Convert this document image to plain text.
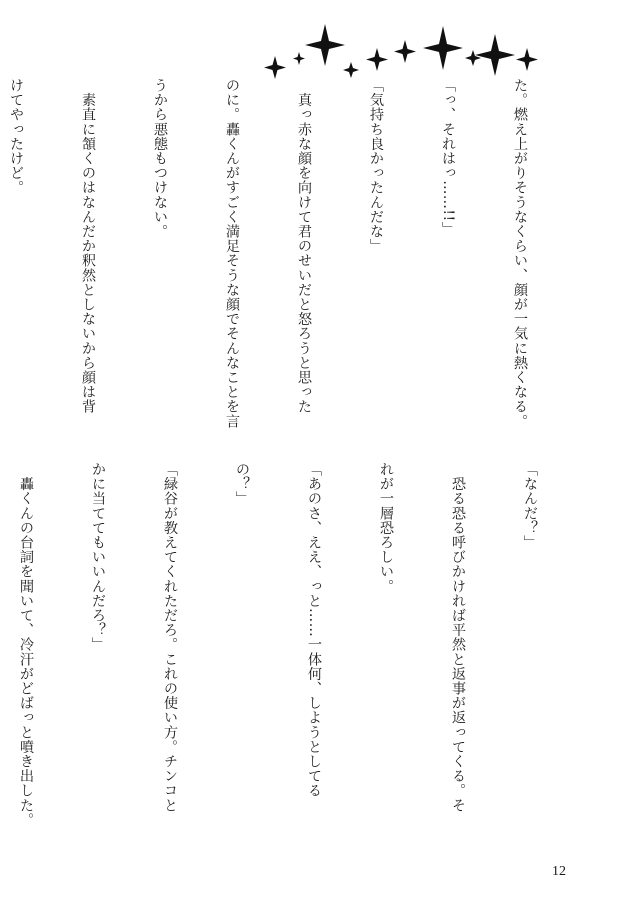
た。燃え上がりそうなくらい、顔が一気に熱くなる。

「っ、それはっ……!!」

「気持ち良かったんだな」

　真っ赤な顔を向けて君のせいだと怒ろうと思った

のに。轟くんがすごく満足そうな顔でそんなことを言

うから悪態もつけない。

　素直に頷くのはなんだか釈然としないから顔は背

けてやったけど。

「なんだ？」

　恐る恐る呼びかければ平然と返事が返ってくる。そ

れが一層恐ろしい。

「あのさ、ええ、っと……一体何、しようとしてる

の？」

「緑谷が教えてくれただろ。これの使い方。チンコと

かに当ててもいいんだろ？」

　轟くんの台詞を聞いて、冷汗がどばっと噴き出した。

12
